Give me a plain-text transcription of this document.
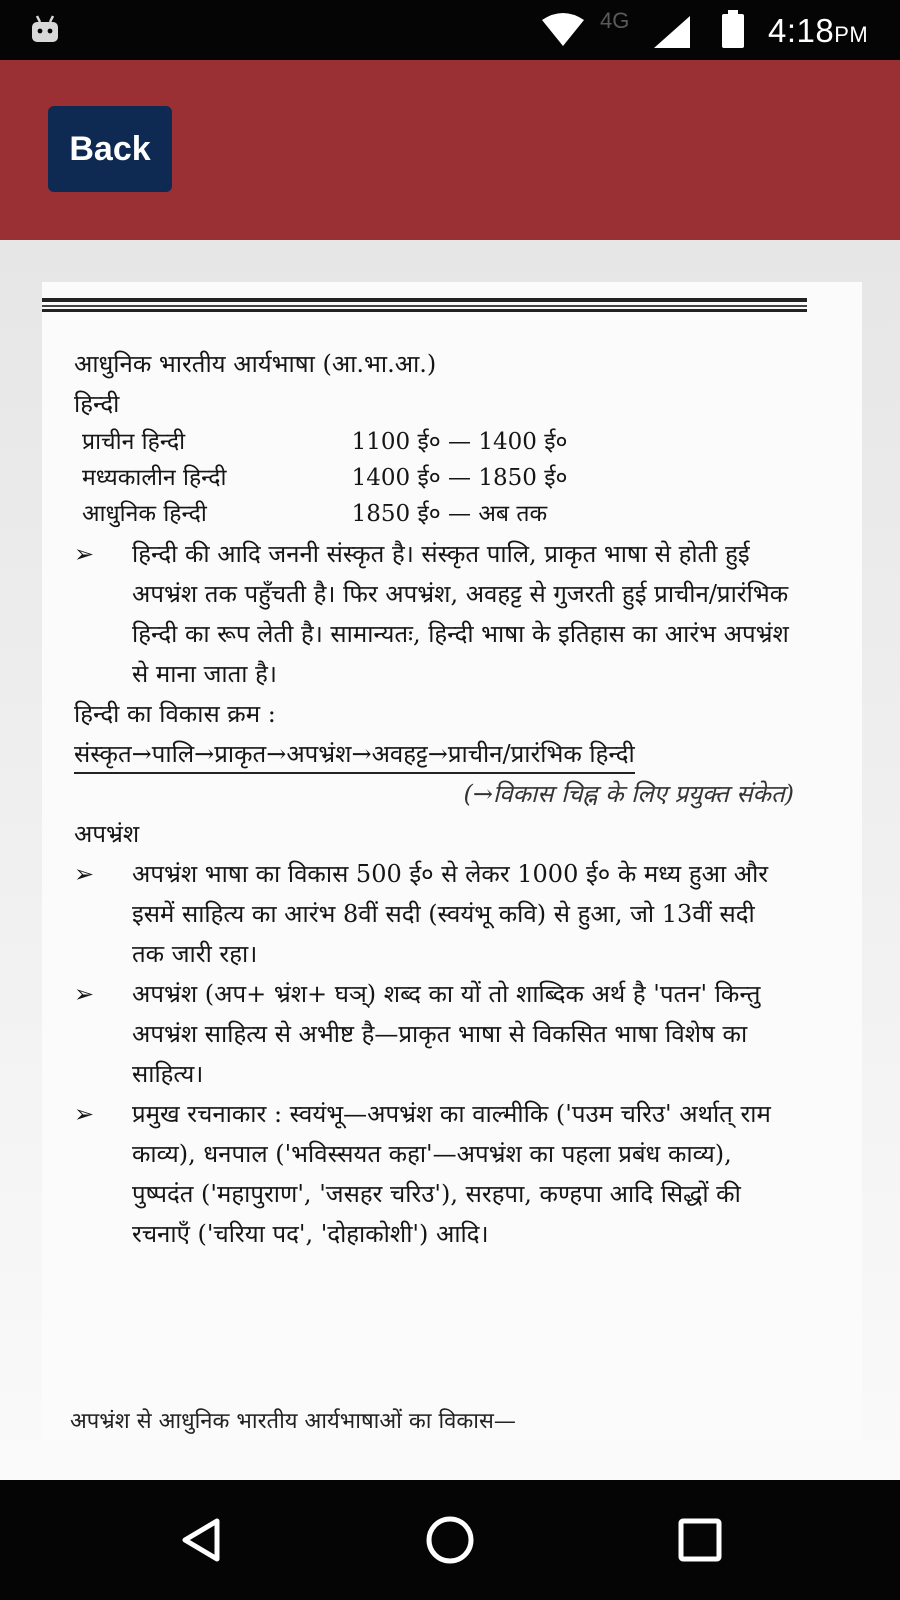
4G	4:18PM
Back

आधुनिक भारतीय आर्यभाषा (आ.भा.आ.)

हिन्दी

प्राचीन हिन्दी	1100 ई० — 1400 ई०
मध्यकालीन हिन्दी	1400 ई० — 1850 ई०
आधुनिक हिन्दी	1850 ई० — अब तक
➢ हिन्दी की आदि जननी संस्कृत है। संस्कृत पालि, प्राकृत भाषा से होती हुई अपभ्रंश तक पहुँचती है। फिर अपभ्रंश, अवहट्ट से गुजरती हुई प्राचीन/प्रारंभिक हिन्दी का रूप लेती है। सामान्यतः, हिन्दी भाषा के इतिहास का आरंभ अपभ्रंश से माना जाता है।

हिन्दी का विकास क्रम :

संस्कृत→पालि→प्राकृत→अपभ्रंश→अवहट्ट→प्राचीन/प्रारंभिक हिन्दी

(→विकास चिह्न के लिए प्रयुक्त संकेत)

अपभ्रंश

➢ अपभ्रंश भाषा का विकास 500 ई० से लेकर 1000 ई० के मध्य हुआ और इसमें साहित्य का आरंभ 8वीं सदी (स्वयंभू कवि) से हुआ, जो 13वीं सदी तक जारी रहा।
➢ अपभ्रंश (अप+ भ्रंश+ घञ्) शब्द का यों तो शाब्दिक अर्थ है 'पतन' किन्तु अपभ्रंश साहित्य से अभीष्ट है—प्राकृत भाषा से विकसित भाषा विशेष का साहित्य।
➢ प्रमुख रचनाकार : स्वयंभू—अपभ्रंश का वाल्मीकि ('पउम चरिउ' अर्थात् राम काव्य), धनपाल ('भविस्सयत कहा'—अपभ्रंश का पहला प्रबंध काव्य), पुष्पदंत ('महापुराण', 'जसहर चरिउ'), सरहपा, कण्हपा आदि सिद्धों की रचनाएँ ('चरिया पद', 'दोहाकोशी') आदि।
अपभ्रंश से आधुनिक भारतीय आर्यभाषाओं का विकास—
